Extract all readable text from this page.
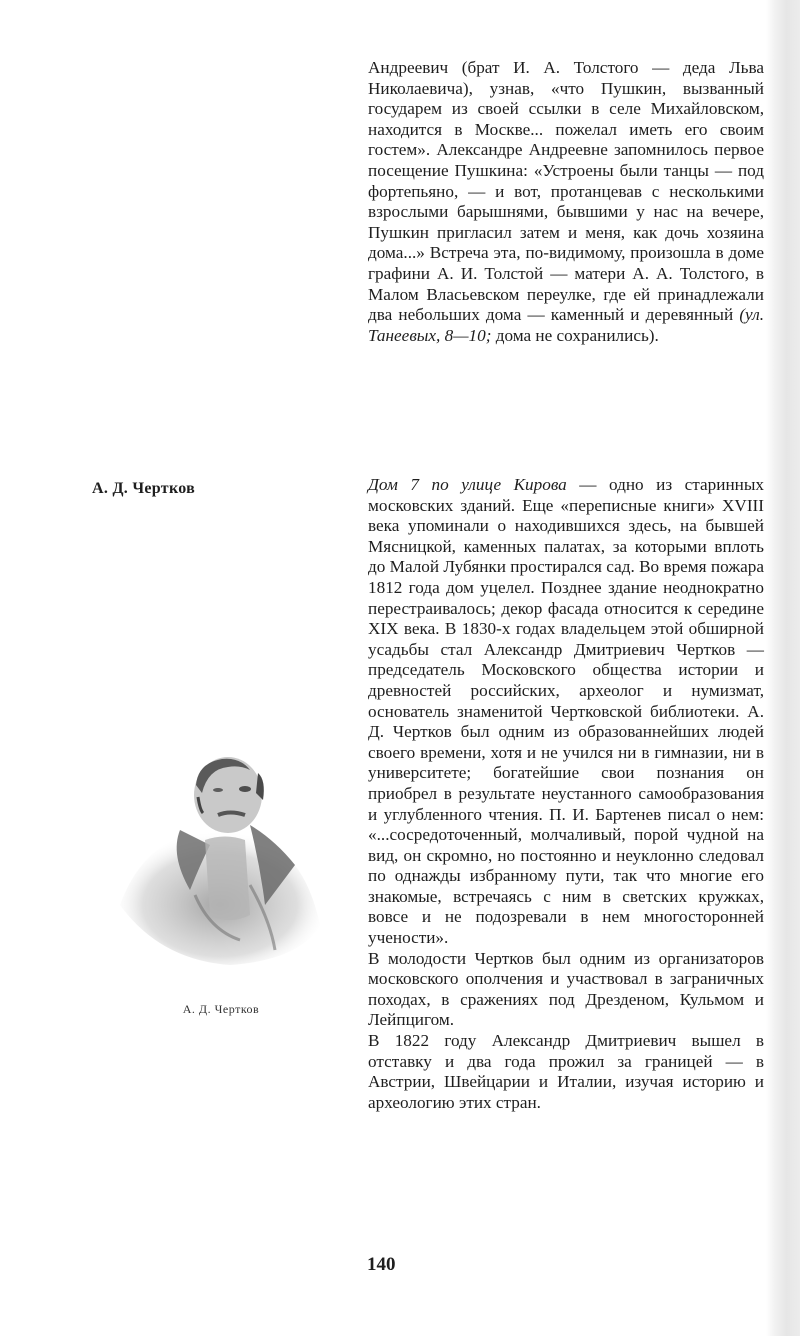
Андреевич (брат И. А. Толстого — деда Льва Николаевича), узнав, «что Пушкин, вызванный государем из своей ссылки в селе Михайловском, находится в Москве... пожелал иметь его своим гостем». Александре Андреевне запомнилось первое посещение Пушкина: «Устроены были танцы — под фортепьяно, — и вот, протанцевав с несколькими взрослыми барышнями, бывшими у нас на вечере, Пушкин пригласил затем и меня, как дочь хозяина дома...» Встреча эта, по-видимому, произошла в доме графини А. И. Толстой — матери А. А. Толстого, в Малом Власьевском переулке, где ей принадлежали два небольших дома — каменный и деревянный (ул. Танеевых, 8—10; дома не сохранились).

А. Д. Чертков	Дом 7 по улице Кирова — одно из старинных московских зданий. Еще «переписные книги» XVIII века упоминали о находившихся здесь, на бывшей Мясницкой, каменных палатах, за которыми вплоть до Малой Лубянки простирался сад. Во время пожара 1812 года дом уцелел. Позднее здание неоднократно перестраивалось; декор фасада относится к середине XIX века. В 1830-х годах владельцем этой обширной усадьбы стал Александр Дмитриевич Чертков — председатель Московского общества истории и древностей российских, археолог и нумизмат, основатель знаменитой Чертковской библиотеки. А. Д. Чертков был одним из образованнейших людей своего времени, хотя и не учился ни в гимназии, ни в университете; богатейшие свои познания он приобрел в результате неустанного самообразования и углубленного чтения. П. И. Бартенев писал о нем: «...сосредоточенный, молчаливый, порой чудной на вид, он скромно, но постоянно и неуклонно следовал по однажды избранному пути, так что многие его знакомые, встречаясь с ним в светских кружках, вовсе и не подозревали в нем многосторонней учености».

В молодости Чертков был одним из организаторов московского ополчения и участвовал в заграничных походах, в сражениях под Дрезденом, Кульмом и Лейпцигом.

В 1822 году Александр Дмитриевич вышел в отставку и два года прожил за границей — в Австрии, Швейцарии и Италии, изучая историю и археологию этих стран.

А. Д. Чертков
140
